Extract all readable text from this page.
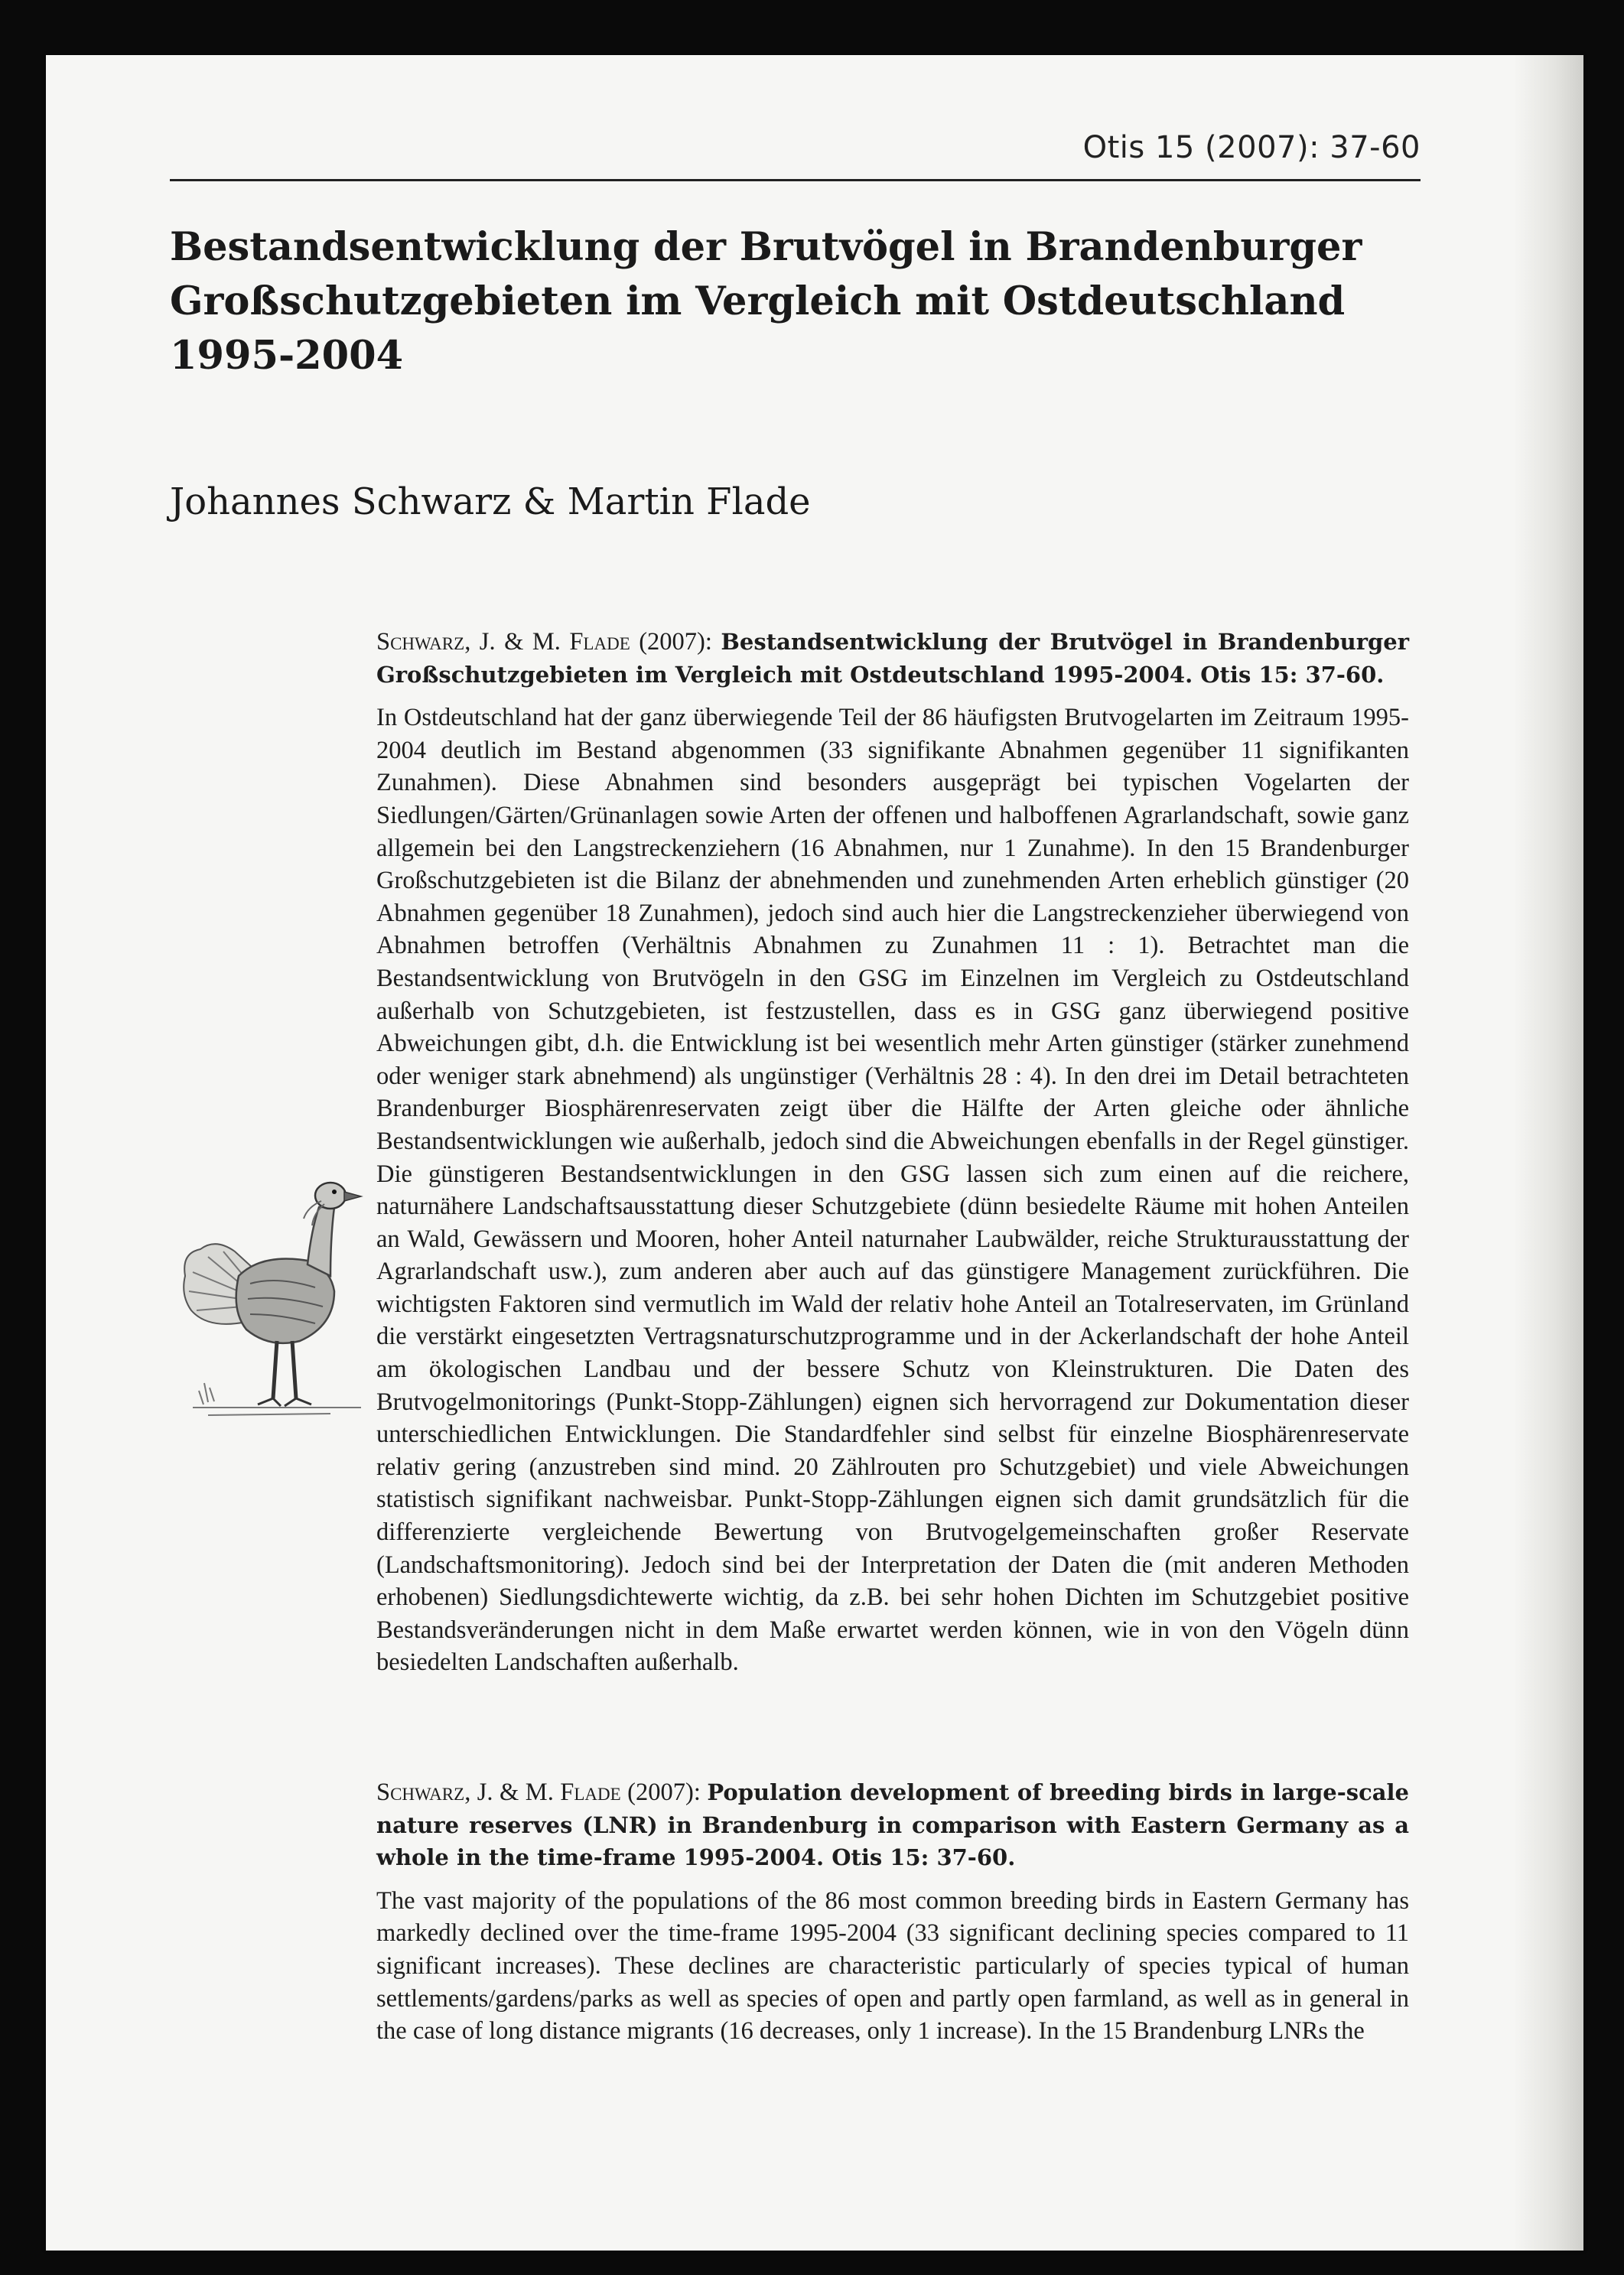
Otis 15 (2007): 37-60
Bestandsentwicklung der Brutvögel in Brandenburger Großschutzgebieten im Vergleich mit Ostdeutschland 1995-2004

Johannes Schwarz & Martin Flade

Schwarz, J. & M. Flade (2007): Bestandsentwicklung der Brutvögel in Brandenburger Großschutzgebieten im Vergleich mit Ostdeutschland 1995-2004. Otis 15: 37-60.

In Ostdeutschland hat der ganz überwiegende Teil der 86 häufigsten Brutvogelarten im Zeitraum 1995-2004 deutlich im Bestand abgenommen (33 signifikante Abnahmen gegenüber 11 signifikanten Zunahmen). Diese Abnahmen sind besonders ausgeprägt bei typischen Vogelarten der Siedlungen/Gärten/Grünanlagen sowie Arten der offenen und halboffenen Agrarlandschaft, sowie ganz allgemein bei den Langstreckenziehern (16 Abnahmen, nur 1 Zunahme). In den 15 Brandenburger Großschutzgebieten ist die Bilanz der abnehmenden und zunehmenden Arten erheblich günstiger (20 Abnahmen gegenüber 18 Zunahmen), jedoch sind auch hier die Langstreckenzieher überwiegend von Abnahmen betroffen (Verhältnis Abnahmen zu Zunahmen 11 : 1). Betrachtet man die Bestandsentwicklung von Brutvögeln in den GSG im Einzelnen im Vergleich zu Ostdeutschland außerhalb von Schutzgebieten, ist festzustellen, dass es in GSG ganz überwiegend positive Abweichungen gibt, d.h. die Entwicklung ist bei wesentlich mehr Arten günstiger (stärker zunehmend oder weniger stark abnehmend) als ungünstiger (Verhältnis 28 : 4). In den drei im Detail betrachteten Brandenburger Biosphärenreservaten zeigt über die Hälfte der Arten gleiche oder ähnliche Bestandsentwicklungen wie außerhalb, jedoch sind die Abweichungen ebenfalls in der Regel günstiger. Die günstigeren Bestandsentwicklungen in den GSG lassen sich zum einen auf die reichere, naturnähere Landschaftsausstattung dieser Schutzgebiete (dünn besiedelte Räume mit hohen Anteilen an Wald, Gewässern und Mooren, hoher Anteil naturnaher Laubwälder, reiche Strukturausstattung der Agrarlandschaft usw.), zum anderen aber auch auf das günstigere Management zurückführen. Die wichtigsten Faktoren sind vermutlich im Wald der relativ hohe Anteil an Totalreservaten, im Grünland die verstärkt eingesetzten Vertragsnaturschutzprogramme und in der Ackerlandschaft der hohe Anteil am ökologischen Landbau und der bessere Schutz von Kleinstrukturen. Die Daten des Brutvogelmonitorings (Punkt-Stopp-Zählungen) eignen sich hervorragend zur Dokumentation dieser unterschiedlichen Entwicklungen. Die Standardfehler sind selbst für einzelne Biosphärenreservate relativ gering (anzustreben sind mind. 20 Zählrouten pro Schutzgebiet) und viele Abweichungen statistisch signifikant nachweisbar. Punkt-Stopp-Zählungen eignen sich damit grundsätzlich für die differenzierte vergleichende Bewertung von Brutvogelgemeinschaften großer Reservate (Landschaftsmonitoring). Jedoch sind bei der Interpretation der Daten die (mit anderen Methoden erhobenen) Siedlungsdichtewerte wichtig, da z.B. bei sehr hohen Dichten im Schutzgebiet positive Bestandsveränderungen nicht in dem Maße erwartet werden können, wie in von den Vögeln dünn besiedelten Landschaften außerhalb.

Schwarz, J. & M. Flade (2007): Population development of breeding birds in large-scale nature reserves (LNR) in Brandenburg in comparison with Eastern Germany as a whole in the time-frame 1995-2004. Otis 15: 37-60.

The vast majority of the populations of the 86 most common breeding birds in Eastern Germany has markedly declined over the time-frame 1995-2004 (33 significant declining species compared to 11 significant increases). These declines are characteristic particularly of species typical of human settlements/gardens/parks as well as species of open and partly open farmland, as well as in general in the case of long distance migrants (16 decreases, only 1 increase). In the 15 Brandenburg LNRs the
